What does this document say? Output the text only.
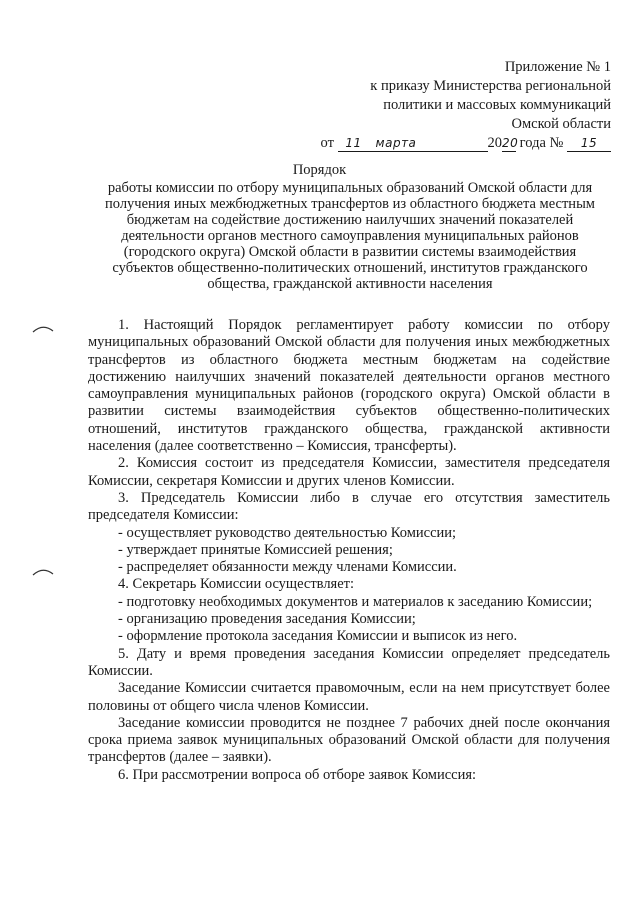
Приложение № 1
к приказу Министерства региональной
политики и массовых коммуникаций
Омской области
от 11 марта	2020 года № 15
Порядок
работы комиссии по отбору муниципальных образований Омской области для
получения иных межбюджетных трансфертов из областного бюджета местным
бюджетам на содействие достижению наилучших значений показателей
деятельности органов местного самоуправления муниципальных районов
(городского округа) Омской области в развитии системы взаимодействия
субъектов общественно-политических отношений, институтов гражданского
общества, гражданской активности населения

1. Настоящий Порядок регламентирует работу комиссии по отбору муниципальных образований Омской области для получения иных межбюджетных трансфертов из областного бюджета местным бюджетам на содействие достижению наилучших значений показателей деятельности органов местного самоуправления муниципальных районов (городского округа) Омской области в развитии системы взаимодействия субъектов общественно-политических отношений, институтов гражданского общества, гражданской активности населения (далее соответственно – Комиссия, трансферты).

2. Комиссия состоит из председателя Комиссии, заместителя председателя Комиссии, секретаря Комиссии и других членов Комиссии.

3. Председатель Комиссии либо в случае его отсутствия заместитель председателя Комиссии:

- осуществляет руководство деятельностью Комиссии;

- утверждает принятые Комиссией решения;

- распределяет обязанности между членами Комиссии.

4. Секретарь Комиссии осуществляет:

- подготовку необходимых документов и материалов к заседанию Комиссии;

- организацию проведения заседания Комиссии;

- оформление протокола заседания Комиссии и выписок из него.

5. Дату и время проведения заседания Комиссии определяет председатель Комиссии.

Заседание Комиссии считается правомочным, если на нем присутствует более половины от общего числа членов Комиссии.

Заседание комиссии проводится не позднее 7 рабочих дней после окончания срока приема заявок муниципальных образований Омской области для получения трансфертов (далее – заявки).

6. При рассмотрении вопроса об отборе заявок Комиссия:
